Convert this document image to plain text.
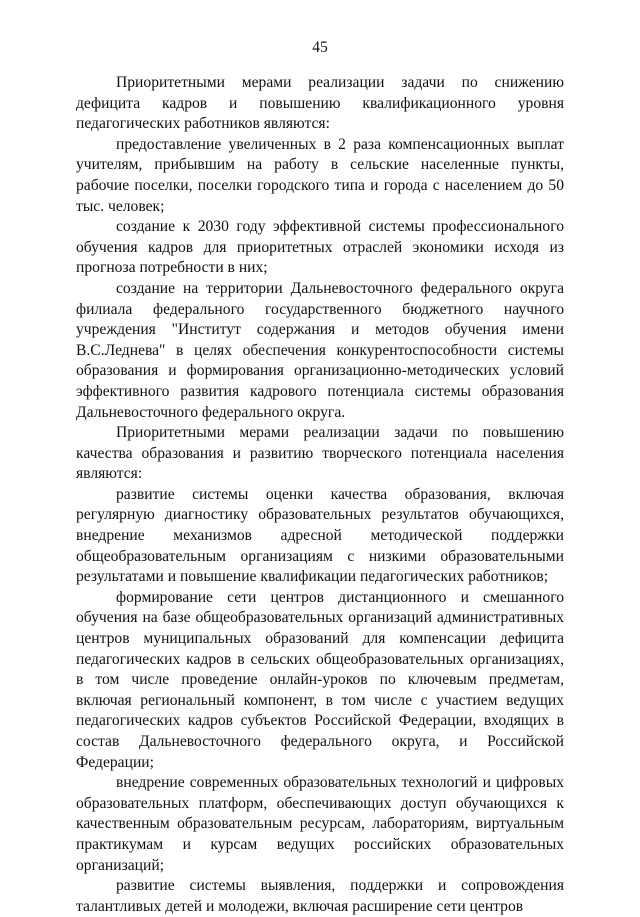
45

Приоритетными мерами реализации задачи по снижению дефицита кадров и повышению квалификационного уровня педагогических работников являются:

предоставление увеличенных в 2 раза компенсационных выплат учителям, прибывшим на работу в сельские населенные пункты, рабочие поселки, поселки городского типа и города с населением до 50 тыс. человек;

создание к 2030 году эффективной системы профессионального обучения кадров для приоритетных отраслей экономики исходя из прогноза потребности в них;

создание на территории Дальневосточного федерального округа филиала федерального государственного бюджетного научного учреждения "Институт содержания и методов обучения имени В.С.Леднева" в целях обеспечения конкурентоспособности системы образования и формирования организационно-методических условий эффективного развития кадрового потенциала системы образования Дальневосточного федерального округа.

Приоритетными мерами реализации задачи по повышению качества образования и развитию творческого потенциала населения являются:

развитие системы оценки качества образования, включая регулярную диагностику образовательных результатов обучающихся, внедрение механизмов адресной методической поддержки общеобразовательным организациям с низкими образовательными результатами и повышение квалификации педагогических работников;

формирование сети центров дистанционного и смешанного обучения на базе общеобразовательных организаций административных центров муниципальных образований для компенсации дефицита педагогических кадров в сельских общеобразовательных организациях, в том числе проведение онлайн-уроков по ключевым предметам, включая региональный компонент, в том числе с участием ведущих педагогических кадров субъектов Российской Федерации, входящих в состав Дальневосточного федерального округа, и Российской Федерации;

внедрение современных образовательных технологий и цифровых образовательных платформ, обеспечивающих доступ обучающихся к качественным образовательным ресурсам, лабораториям, виртуальным практикумам и курсам ведущих российских образовательных организаций;

развитие системы выявления, поддержки и сопровождения талантливых детей и молодежи, включая расширение сети центров
